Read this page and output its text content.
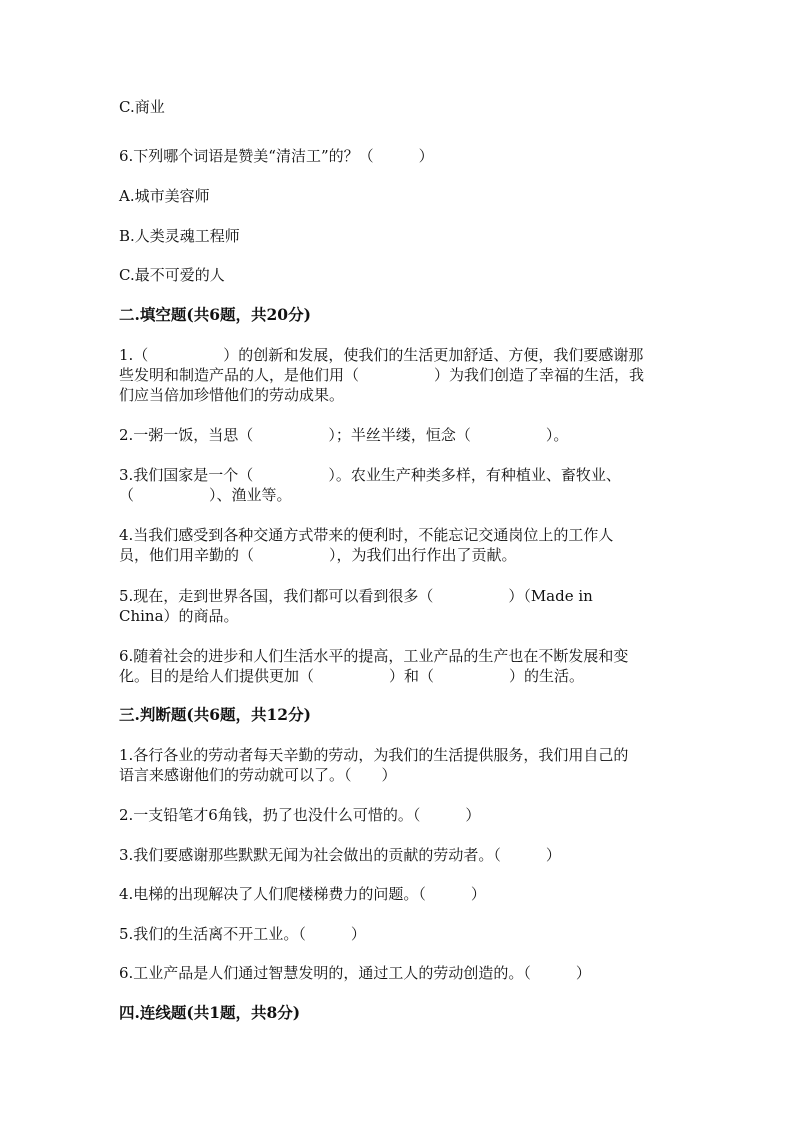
C.商业
6.下列哪个词语是赞美“清洁工”的？（　　　）
A.城市美容师
B.人类灵魂工程师
C.最不可爱的人
二.填空题(共6题，共20分)
1.（　　　　　）的创新和发展，使我们的生活更加舒适、方便，我们要感谢那
些发明和制造产品的人，是他们用（　　　　　）为我们创造了幸福的生活，我
们应当倍加珍惜他们的劳动成果。
2.一粥一饭，当思（　　　　　）；半丝半缕，恒念（　　　　　）。
3.我们国家是一个（　　　　　）。农业生产种类多样，有种植业、畜牧业、
（　　　　　）、渔业等。
4.当我们感受到各种交通方式带来的便利时，不能忘记交通岗位上的工作人
员，他们用辛勤的（　　　　　），为我们出行作出了贡献。
5.现在，走到世界各国，我们都可以看到很多（　　　　　）（Made in
China）的商品。
6.随着社会的进步和人们生活水平的提高，工业产品的生产也在不断发展和变
化。目的是给人们提供更加（　　　　　）和（　　　　　）的生活。
三.判断题(共6题，共12分)
1.各行各业的劳动者每天辛勤的劳动，为我们的生活提供服务，我们用自己的
语言来感谢他们的劳动就可以了。（　　）
2.一支铅笔才6角钱，扔了也没什么可惜的。（　　　）
3.我们要感谢那些默默无闻为社会做出的贡献的劳动者。（　　　）
4.电梯的出现解决了人们爬楼梯费力的问题。（　　　）
5.我们的生活离不开工业。（　　　）
6.工业产品是人们通过智慧发明的，通过工人的劳动创造的。（　　　）
四.连线题(共1题，共8分)
